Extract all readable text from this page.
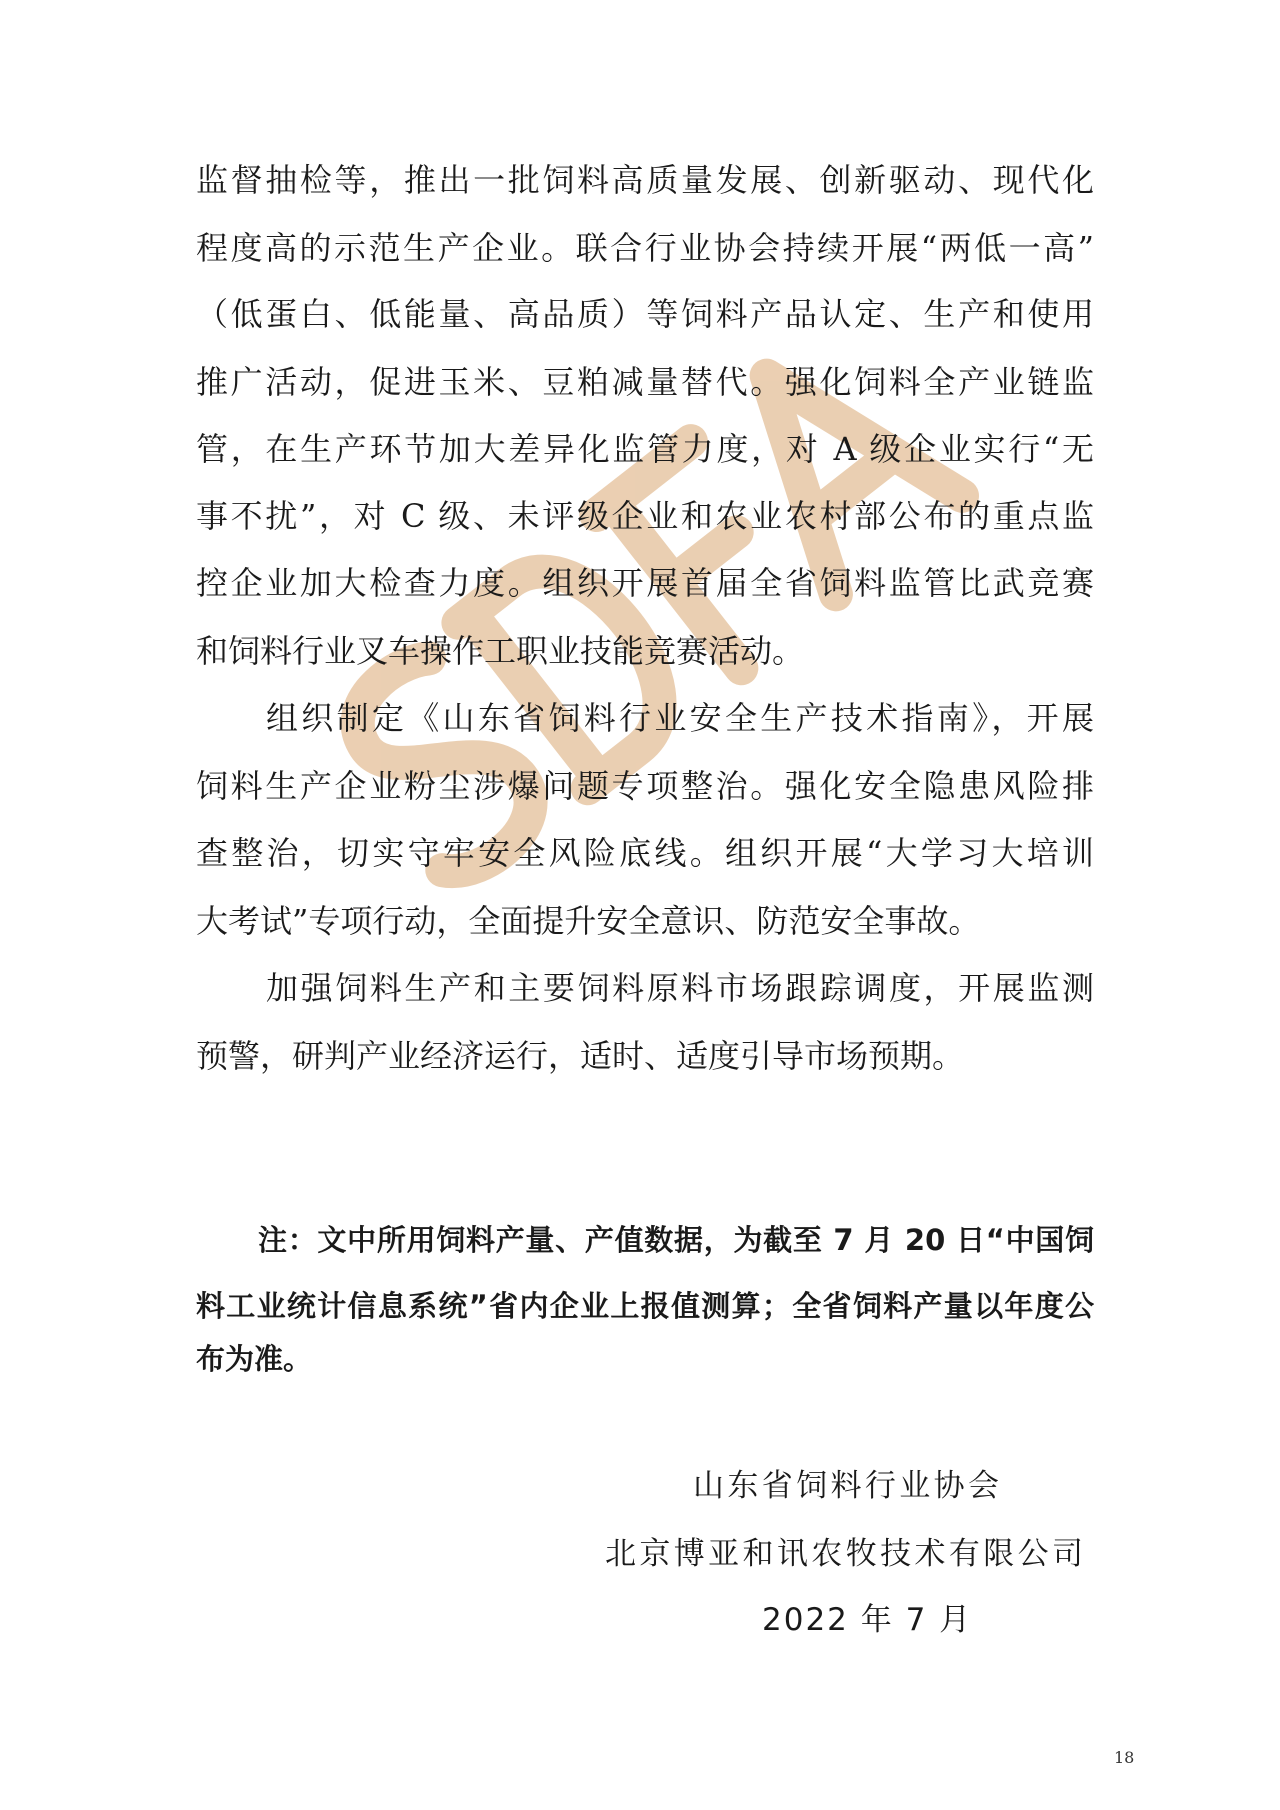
监督抽检等，推出一批饲料高质量发展、创新驱动、现代化
程度高的示范生产企业。联合行业协会持续开展“两低一高”
（低蛋白、低能量、高品质）等饲料产品认定、生产和使用
推广活动，促进玉米、豆粕减量替代。强化饲料全产业链监
管，在生产环节加大差异化监管力度，对 A 级企业实行“无
事不扰”，对 C 级、未评级企业和农业农村部公布的重点监
控企业加大检查力度。组织开展首届全省饲料监管比武竞赛
和饲料行业叉车操作工职业技能竞赛活动。
组织制定《山东省饲料行业安全生产技术指南》，开展
饲料生产企业粉尘涉爆问题专项整治。强化安全隐患风险排
查整治，切实守牢安全风险底线。组织开展“大学习大培训
大考试”专项行动，全面提升安全意识、防范安全事故。
加强饲料生产和主要饲料原料市场跟踪调度，开展监测
预警，研判产业经济运行，适时、适度引导市场预期。
注：文中所用饲料产量、产值数据，为截至 7 月 20 日“中国饲
料工业统计信息系统”省内企业上报值测算；全省饲料产量以年度公
布为准。
山东省饲料行业协会
北京博亚和讯农牧技术有限公司
2022 年 7 月
18
